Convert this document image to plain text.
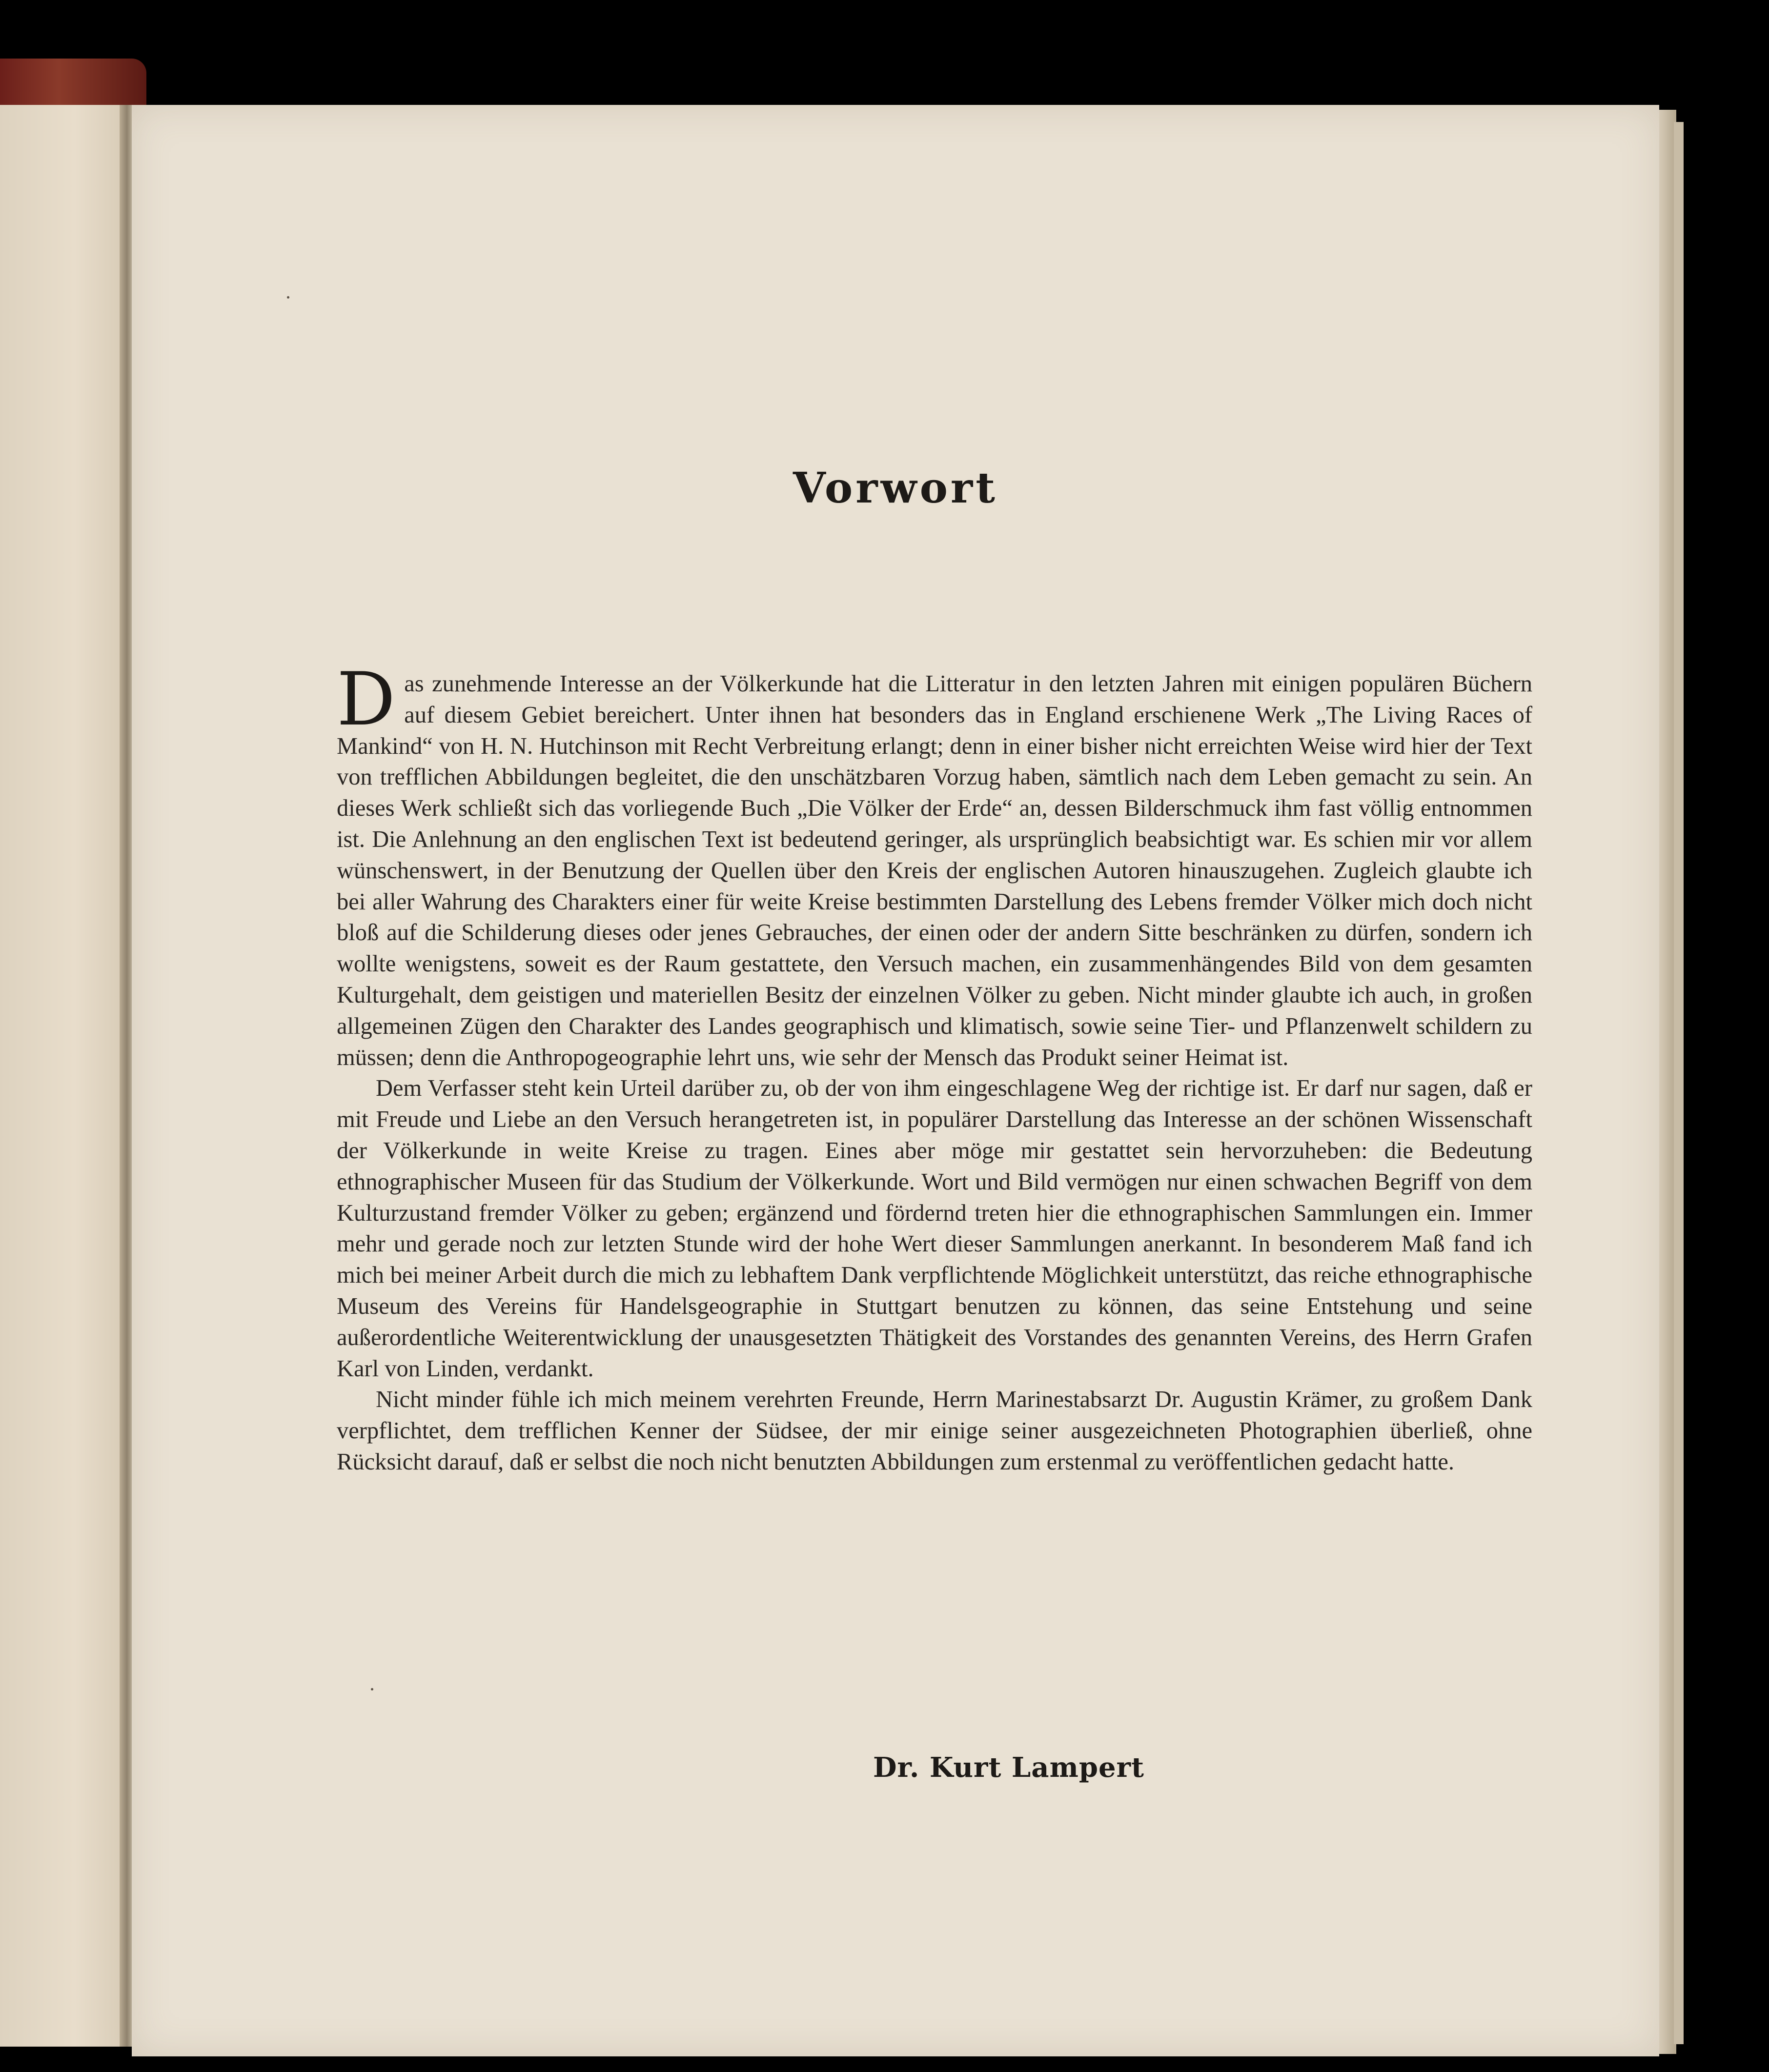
Vorwort

Das zunehmende Interesse an der Völkerkunde hat die Litteratur in den letzten Jahren mit einigen populären Büchern auf diesem Gebiet bereichert. Unter ihnen hat besonders das in England erschienene Werk „The Living Races of Mankind“ von H. N. Hutchinson mit Recht Verbreitung erlangt; denn in einer bisher nicht erreichten Weise wird hier der Text von trefflichen Abbildungen begleitet, die den unschätzbaren Vorzug haben, sämtlich nach dem Leben gemacht zu sein. An dieses Werk schließt sich das vorliegende Buch „Die Völker der Erde“ an, dessen Bilderschmuck ihm fast völlig entnommen ist. Die Anlehnung an den englischen Text ist bedeutend geringer, als ursprünglich beabsichtigt war. Es schien mir vor allem wünschenswert, in der Benutzung der Quellen über den Kreis der englischen Autoren hinauszugehen. Zugleich glaubte ich bei aller Wahrung des Charakters einer für weite Kreise bestimmten Darstellung des Lebens fremder Völker mich doch nicht bloß auf die Schilderung dieses oder jenes Gebrauches, der einen oder der andern Sitte beschränken zu dürfen, sondern ich wollte wenigstens, soweit es der Raum gestattete, den Versuch machen, ein zusammenhängendes Bild von dem gesamten Kulturgehalt, dem geistigen und materiellen Besitz der einzelnen Völker zu geben. Nicht minder glaubte ich auch, in großen allgemeinen Zügen den Charakter des Landes geographisch und klimatisch, sowie seine Tier- und Pflanzenwelt schildern zu müssen; denn die Anthropogeographie lehrt uns, wie sehr der Mensch das Produkt seiner Heimat ist.

Dem Verfasser steht kein Urteil darüber zu, ob der von ihm eingeschlagene Weg der richtige ist. Er darf nur sagen, daß er mit Freude und Liebe an den Versuch herangetreten ist, in populärer Darstellung das Interesse an der schönen Wissenschaft der Völkerkunde in weite Kreise zu tragen. Eines aber möge mir gestattet sein hervorzuheben: die Bedeutung ethnographischer Museen für das Studium der Völkerkunde. Wort und Bild vermögen nur einen schwachen Begriff von dem Kulturzustand fremder Völker zu geben; ergänzend und fördernd treten hier die ethnographischen Sammlungen ein. Immer mehr und gerade noch zur letzten Stunde wird der hohe Wert dieser Sammlungen anerkannt. In besonderem Maß fand ich mich bei meiner Arbeit durch die mich zu lebhaftem Dank verpflichtende Möglichkeit unterstützt, das reiche ethnographische Museum des Vereins für Handelsgeographie in Stuttgart benutzen zu können, das seine Entstehung und seine außerordentliche Weiterentwicklung der unausgesetzten Thätigkeit des Vorstandes des genannten Vereins, des Herrn Grafen Karl von Linden, verdankt.

Nicht minder fühle ich mich meinem verehrten Freunde, Herrn Marinestabsarzt Dr. Augustin Krämer, zu großem Dank verpflichtet, dem trefflichen Kenner der Südsee, der mir einige seiner ausgezeichneten Photographien überließ, ohne Rücksicht darauf, daß er selbst die noch nicht benutzten Abbildungen zum erstenmal zu veröffentlichen gedacht hatte.

Dr. Kurt Lampert
